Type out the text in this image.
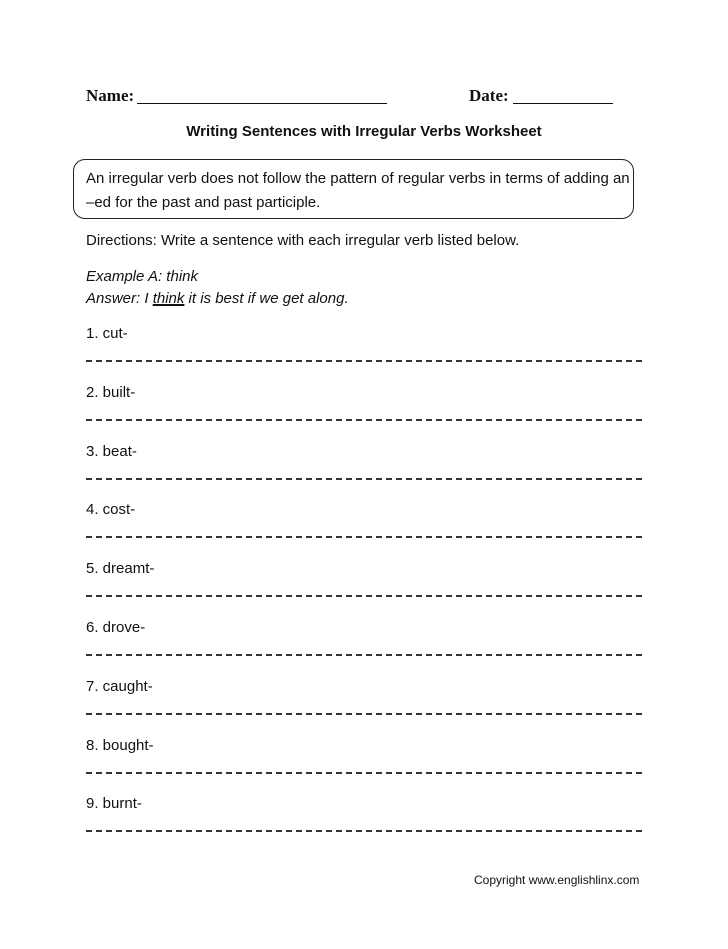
Name:	Date:
Writing Sentences with Irregular Verbs Worksheet
An irregular verb does not follow the pattern of regular verbs in terms of adding an
–ed for the past and past participle.
Directions: Write a sentence with each irregular verb listed below.
Example A: think
Answer: I think it is best if we get along.
1. cut-
2. built-
3. beat-
4. cost-
5. dreamt-
6. drove-
7. caught-
8. bought-
9. burnt-
Copyright www.englishlinx.com
